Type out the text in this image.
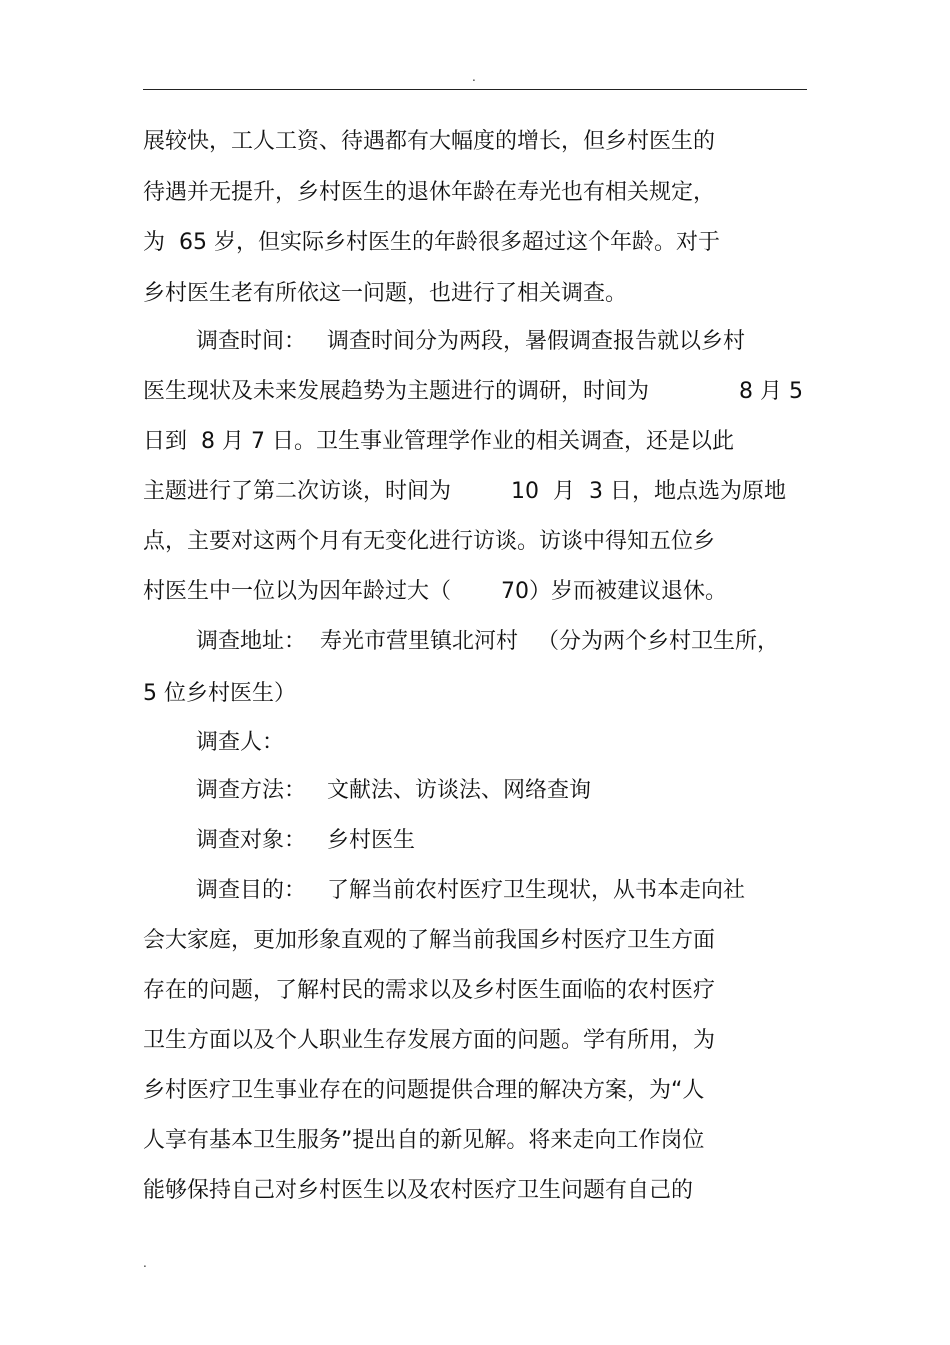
.
展较快，工人工资、待遇都有大幅度的增长，但乡村医生的
待遇并无提升，乡村医生的退休年龄在寿光也有相关规定，
为  65 岁，但实际乡村医生的年龄很多超过这个年龄。对于
乡村医生老有所依这一问题，也进行了相关调查。
调查时间：   调查时间分为两段，暑假调查报告就以乡村

医生现状及未来发展趋势为主题进行的调研，时间为

	8 月 5

日到  8 月 7 日。卫生事业管理学作业的相关调查，还是以此

主题进行了第二次访谈，时间为

	10  月  3 日，地点选为原地

点，主要对这两个月有无变化进行访谈。访谈中得知五位乡

村医生中一位以为因年龄过大（

70）岁而被建议退休。

调查地址：  寿光市营里镇北河村

（分为两个乡村卫生所，

5 位乡村医生）
调查人：
调查方法：   文献法、访谈法、网络查询
调查对象：   乡村医生
调查目的：   了解当前农村医疗卫生现状，从书本走向社
会大家庭，更加形象直观的了解当前我国乡村医疗卫生方面
存在的问题，了解村民的需求以及乡村医生面临的农村医疗
卫生方面以及个人职业生存发展方面的问题。学有所用，为
乡村医疗卫生事业存在的问题提供合理的解决方案，为“人
人享有基本卫生服务”提出自的新见解。将来走向工作岗位
能够保持自己对乡村医生以及农村医疗卫生问题有自己的
.
